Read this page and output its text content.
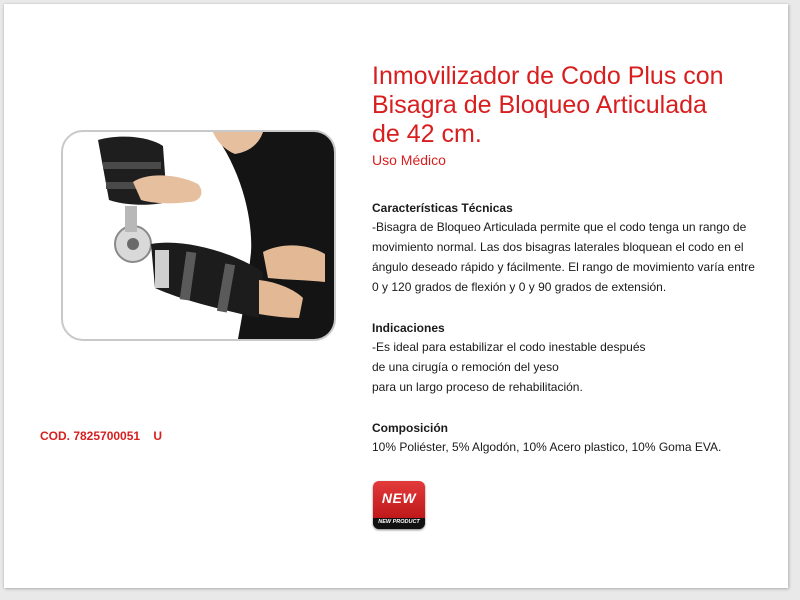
Inmovilizador de Codo Plus con
Bisagra de Bloqueo Articulada
de 42 cm.
Uso Médico
Características Técnicas

-Bisagra de Bloqueo Articulada permite que el codo tenga un rango de
movimiento normal. Las dos bisagras laterales bloquean el codo en el
ángulo deseado rápido y fácilmente. El rango de movimiento varía entre
0 y 120 grados de flexión y 0 y 90 grados de extensión.

Indicaciones

-Es ideal para estabilizar el codo inestable después
de una cirugía o remoción del yeso
para un largo proceso de rehabilitación.

Composición

10% Poliéster, 5% Algodón, 10% Acero plastico, 10% Goma EVA.

COD. 7825700051    U
NEW
NEW PRODUCT
